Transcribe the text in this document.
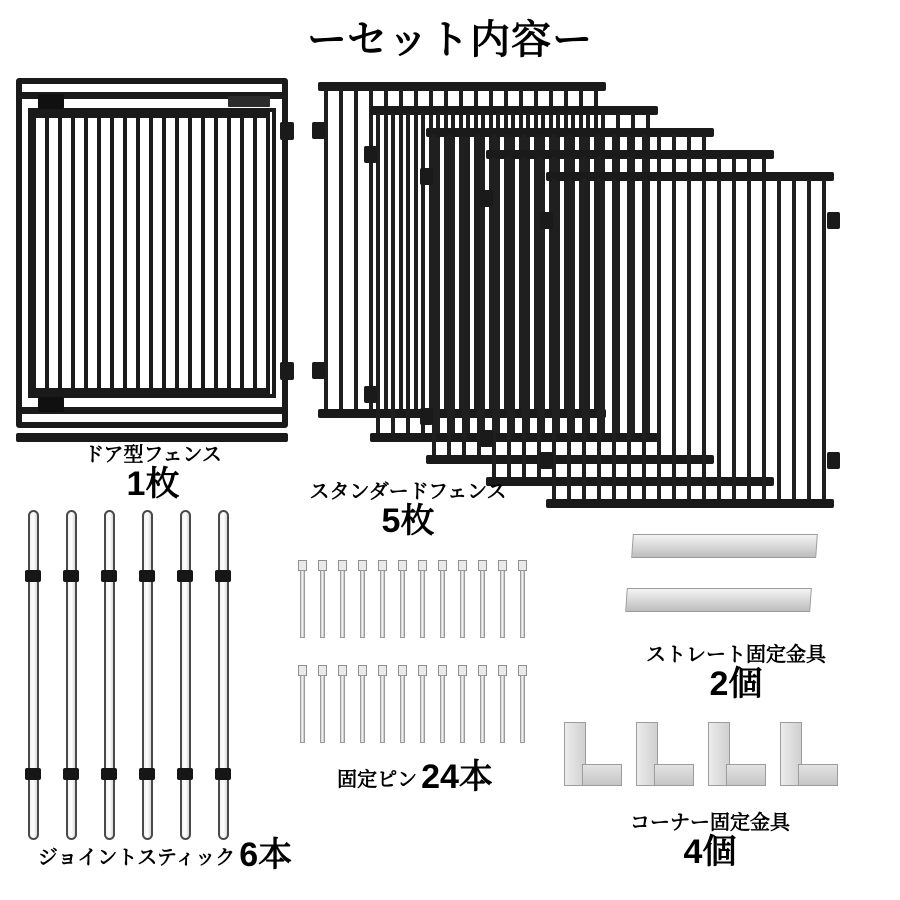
ーセット内容ー
ドア型フェンス
1枚	スタンダードフェンス
5枚
ジョイントスティック 6本
固定ピン 24本
ストレート固定金具
2個
コーナー固定金具
4個
